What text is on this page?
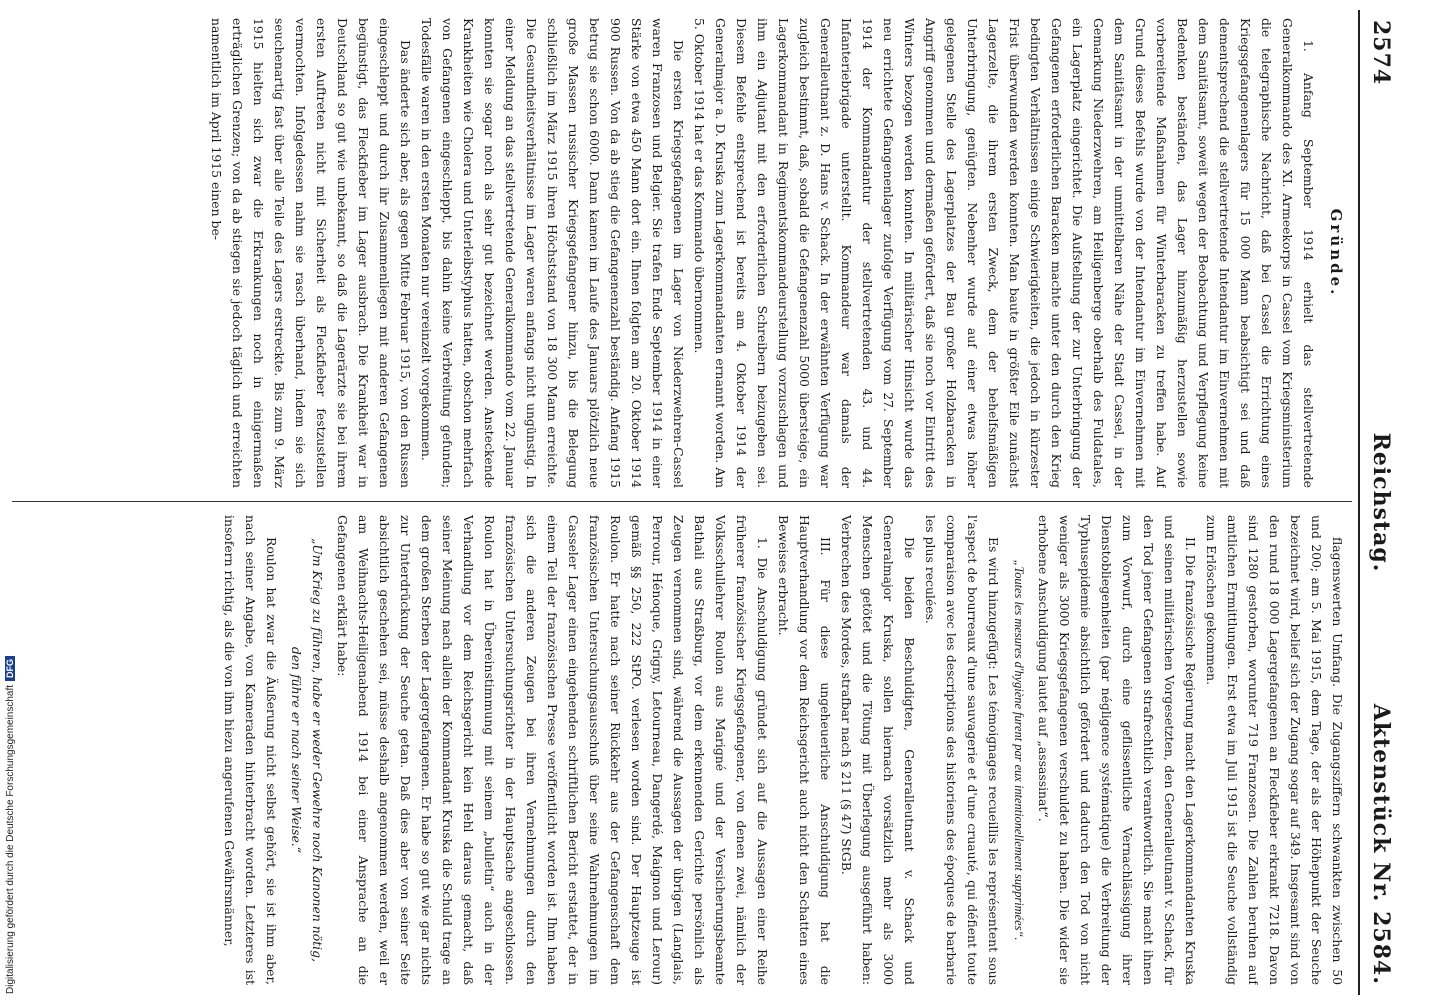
2574
Reichstag.
Aktenstück Nr. 2584.
Gründe.

1. Anfang September 1914 erhielt das stellvertretende Generalkommando des XI. Armeekorps in Cassel vom Kriegsministerium die telegraphische Nachricht, daß bei Cassel die Errichtung eines Kriegsgefangenenlagers für 15 000 Mann beabsichtigt sei und daß dementsprechend die stellvertretende Intendantur im Einvernehmen mit dem Sanitätsamt, soweit wegen der Beobachtung und Verpflegung keine Bedenken beständen, das Lager hinzumäßig herzustellen sowie vorbereitende Maßnahmen für Winterbaracken zu treffen habe. Auf Grund dieses Befehls wurde von der Intendantur im Einvernehmen mit dem Sanitätsamt in der unmittelbaren Nähe der Stadt Cassel, in der Gemarkung Niederzwehren, am Heiligenberge oberhalb des Fuldatales, ein Lagerplatz eingerichtet. Die Aufstellung der zur Unterbringung der Gefangenen erforderlichen Baracken machte unter den durch den Krieg bedingten Verhältnissen einige Schwierigkeiten, die jedoch in kürzester Frist überwunden werden konnten. Man baute in größter Eile zunächst Lagerzelte, die ihrem ersten Zweck, dem der behelfsmäßigen Unterbringung, genügten. Nebenher wurde auf einer etwas höher gelegenen Stelle des Lagerplatzes der Bau großer Holzbaracken in Angriff genommen und dermaßen gefördert, daß sie noch vor Eintritt des Winters bezogen werden konnten. In militärischer Hinsicht wurde das neu errichtete Gefangenenlager zufolge Verfügung vom 27. September 1914 der Kommandantur der stellvertretenden 43. und 44. Infanteriebrigade unterstellt. Kommandeur war damals der Generalleutnant z. D. Hans v. Schack. In der erwähnten Verfügung war zugleich bestimmt, daß, sobald die Gefangenenzahl 5000 übersteige, ein Lagerkommandant in Regimentskommandeurstellung vorzuschlagen und ihm ein Adjutant mit den erforderlichen Schreibern beizugeben sei. Diesem Befehle entsprechend ist bereits am 4. Oktober 1914 der Generalmajor a. D. Kruska zum Lagerkommandanten ernannt worden. Am 5. Oktober 1914 hat er das Kommando übernommen.

Die ersten Kriegsgefangenen im Lager von Niederzwehren-Cassel waren Franzosen und Belgier. Sie trafen Ende September 1914 in einer Stärke von etwa 450 Mann dort ein. Ihnen folgten am 20. Oktober 1914 900 Russen. Von da ab stieg die Gefangenenzahl beständig. Anfang 1915 betrug sie schon 6000. Dann kamen im Laufe des Januars plötzlich neue große Massen russischer Kriegsgefangener hinzu, bis die Belegung schließlich im März 1915 ihren Höchststand von 18 300 Mann erreichte. Die Gesundheitsverhältnisse im Lager waren anfangs nicht ungünstig. In einer Meldung an das stellvertretende Generalkommando vom 22. Januar konnten sie sogar noch als sehr gut bezeichnet werden. Ansteckende Krankheiten wie Cholera und Unterleibstyphus hatten, obschon mehrfach von Gefangenen eingeschleppt, bis dahin keine Verbreitung gefunden; Todesfälle waren in den ersten Monaten nur vereinzelt vorgekommen.

Das änderte sich aber, als gegen Mitte Februar 1915, von den Russen eingeschleppt und durch ihr Zusammenliegen mit anderen Gefangenen begünstigt, das Fleckfieber im Lager ausbrach. Die Krankheit war in Deutschland so gut wie unbekannt, so daß die Lagerärzte sie bei ihrem ersten Auftreten nicht mit Sicherheit als Fleckfieber festzustellen vermochten. Infolgedessen nahm sie rasch überhand, indem sie sich seuchenartig fast über alle Teile des Lagers erstreckte. Bis zum 9. März 1915 hielten sich zwar die Erkrankungen noch in einigermaßen erträglichen Grenzen; von da ab stiegen sie jedoch täglich und erreichten namentlich im April 1915 einen be-

flagenswerten Umfang. Die Zugangsziffern schwankten zwischen 50 und 200; am 5. Mai 1915, dem Tage, der als der Höhepunkt der Seuche bezeichnet wird, belief sich der Zugang sogar auf 349. Insgesamt sind von den rund 18 000 Lagergefangenen an Fleckfieber erkrankt 7218. Davon sind 1280 gestorben, worunter 719 Franzosen. Die Zahlen beruhen auf amtlichen Ermittlungen. Erst etwa im Juli 1915 ist die Seuche vollständig zum Erlöschen gekommen.

II. Die französische Regierung macht den Lagerkommandanten Kruska und seinen militärischen Vorgesetzten, den Generalleutnant v. Schack, für den Tod jener Gefangenen strafrechtlich verantwortlich. Sie macht ihnen zum Vorwurf, durch eine geflissentliche Vernachlässigung ihrer Dienstobliegenheiten (par négligence systématique) die Verbreitung der Typhusepidemie absichtlich gefördert und dadurch den Tod von nicht weniger als 3000 Kriegsgefangenen verschuldet zu haben. Die wider sie erhobene Anschuldigung lautet auf „assassinat“.

„Toutes les mesures d'hygiène furent par eux intentionellement supprimées“.

Es wird hinzugefügt: Les témoignages recueillis les représentent sous l'aspect de bourreaux d'une sauvagerie et d'une cruauté, qui défient toute comparaison avec les descriptions des historiens des époques de barbarie les plus reculées.

Die beiden Beschuldigten, Generalleutnant v. Schack und Generalmajor Kruska, sollen hiernach vorsätzlich mehr als 3000 Menschen getötet und die Tötung mit Überlegung ausgeführt haben: Verbrechen des Mordes, strafbar nach § 211 (§ 47) StGB.

III. Für diese ungeheuerliche Anschuldigung hat die Hauptverhandlung vor dem Reichsgericht auch nicht den Schatten eines Beweises erbracht.

1. Die Anschuldigung gründet sich auf die Aussagen einer Reihe früherer französischer Kriegsgefangener, von denen zwei, nämlich der Volksschullehrer Roulon aus Marigné und der Versicherungsbeamte Bathali aus Straßburg, vor dem erkennenden Gerichte persönlich als Zeugen vernommen sind, während die Aussagen der übrigen (Langlais, Perrour, Hénoque, Grigny, Letourneau, Dangerdé, Maignon und Lerour) gemäß §§ 250, 222 StPO. verlesen worden sind. Der Hauptzeuge ist Roulon. Er hatte nach seiner Rückkehr aus der Gefangenschaft dem französischen Untersuchungsausschuß über seine Wahrnehmungen im Casseler Lager einen eingehenden schriftlichen Bericht erstattet, der in einem Teil der französischen Presse veröffentlicht worden ist. Ihm haben sich die anderen Zeugen bei ihren Vernehmungen durch den französischen Untersuchungsrichter in der Hauptsache angeschlossen. Roulon hat in Übereinstimmung mit seinem „bulletin“ auch in der Verhandlung vor dem Reichsgericht kein Hehl daraus gemacht, daß seiner Meinung nach allein der Kommandant Kruska die Schuld trage an dem großen Sterben der Lagergefangenen. Er habe so gut wie gar nichts zur Unterdrückung der Seuche getan. Daß dies aber von seiner Seite absichtlich geschehen sei, müsse deshalb angenommen werden, weil er am Weihnachts-Heiligenabend 1914 bei einer Ansprache an die Gefangenen erklärt habe:

„Um Krieg zu führen, habe er weder Gewehre noch Kanonen nötig, den führe er nach seiner Weise.“

Roulon hat zwar die Äußerung nicht selbst gehört, sie ist ihm aber, nach seiner Angabe, von Kameraden hinterbracht worden. Letzteres ist insofern richtig, als die von ihm hiezu angerufenen Gewährsmänner,

Digitalisierung gefördert durch die Deutsche ForschungsgemeinschaftDFG
